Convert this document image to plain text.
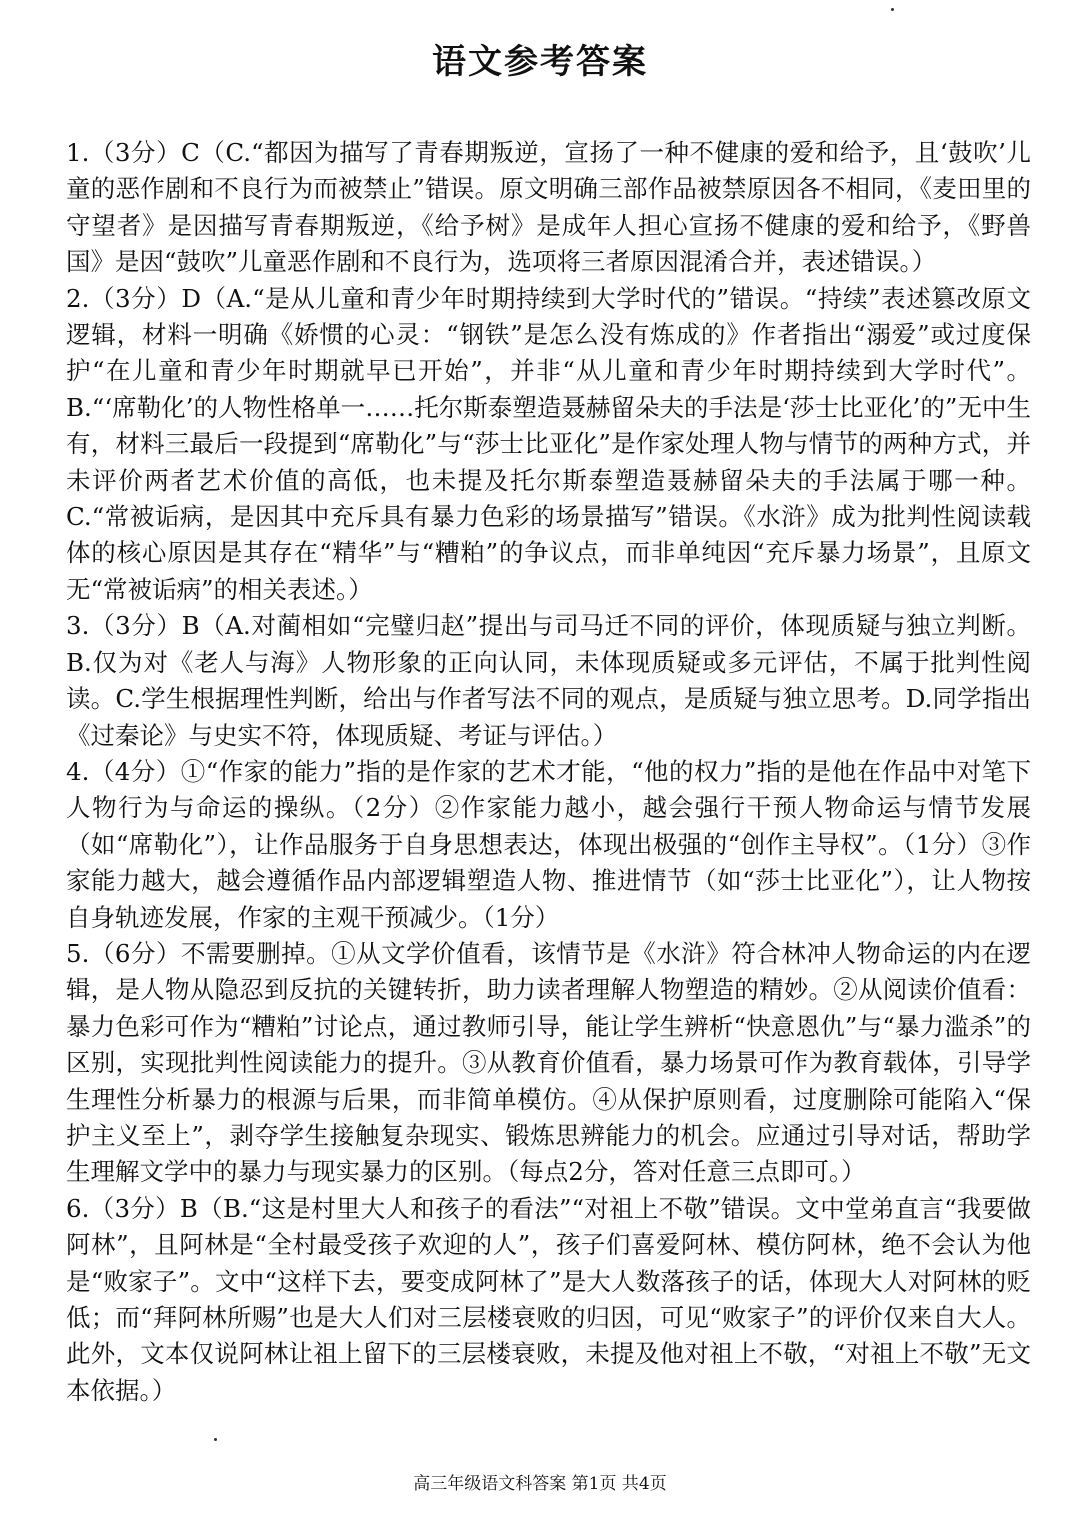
语文参考答案

1.（3分）C（C.“都因为描写了青春期叛逆，宣扬了一种不健康的爱和给予，且‘鼓吹’儿童的恶作剧和不良行为而被禁止”错误。原文明确三部作品被禁原因各不相同，《麦田里的守望者》是因描写青春期叛逆，《给予树》是成年人担心宣扬不健康的爱和给予，《野兽国》是因“鼓吹”儿童恶作剧和不良行为，选项将三者原因混淆合并，表述错误。）

2.（3分）D（A.“是从儿童和青少年时期持续到大学时代的”错误。“持续”表述篡改原文逻辑，材料一明确《娇惯的心灵：“钢铁”是怎么没有炼成的》作者指出“溺爱”或过度保护“在儿童和青少年时期就早已开始”，并非“从儿童和青少年时期持续到大学时代”。B.“‘席勒化’的人物性格单一……托尔斯泰塑造聂赫留朵夫的手法是‘莎士比亚化’的”无中生有，材料三最后一段提到“席勒化”与“莎士比亚化”是作家处理人物与情节的两种方式，并未评价两者艺术价值的高低，也未提及托尔斯泰塑造聂赫留朵夫的手法属于哪一种。C.“常被诟病，是因其中充斥具有暴力色彩的场景描写”错误。《水浒》成为批判性阅读载体的核心原因是其存在“精华”与“糟粕”的争议点，而非单纯因“充斥暴力场景”，且原文无“常被诟病”的相关表述。）

3.（3分）B（A.对蔺相如“完璧归赵”提出与司马迁不同的评价，体现质疑与独立判断。B.仅为对《老人与海》人物形象的正向认同，未体现质疑或多元评估，不属于批判性阅读。C.学生根据理性判断，给出与作者写法不同的观点，是质疑与独立思考。D.同学指出《过秦论》与史实不符，体现质疑、考证与评估。）

4.（4分）①“作家的能力”指的是作家的艺术才能，“他的权力”指的是他在作品中对笔下人物行为与命运的操纵。（2分）②作家能力越小，越会强行干预人物命运与情节发展（如“席勒化”），让作品服务于自身思想表达，体现出极强的“创作主导权”。（1分）③作家能力越大，越会遵循作品内部逻辑塑造人物、推进情节（如“莎士比亚化”），让人物按自身轨迹发展，作家的主观干预减少。（1分）

5.（6分）不需要删掉。①从文学价值看，该情节是《水浒》符合林冲人物命运的内在逻辑，是人物从隐忍到反抗的关键转折，助力读者理解人物塑造的精妙。②从阅读价值看：暴力色彩可作为“糟粕”讨论点，通过教师引导，能让学生辨析“快意恩仇”与“暴力滥杀”的区别，实现批判性阅读能力的提升。③从教育价值看，暴力场景可作为教育载体，引导学生理性分析暴力的根源与后果，而非简单模仿。④从保护原则看，过度删除可能陷入“保护主义至上”，剥夺学生接触复杂现实、锻炼思辨能力的机会。应通过引导对话，帮助学生理解文学中的暴力与现实暴力的区别。（每点2分，答对任意三点即可。）

6.（3分）B（B.“这是村里大人和孩子的看法”“对祖上不敬”错误。文中堂弟直言“我要做阿林”，且阿林是“全村最受孩子欢迎的人”，孩子们喜爱阿林、模仿阿林，绝不会认为他是“败家子”。文中“这样下去，要变成阿林了”是大人数落孩子的话，体现大人对阿林的贬低；而“拜阿林所赐”也是大人们对三层楼衰败的归因，可见“败家子”的评价仅来自大人。此外，文本仅说阿林让祖上留下的三层楼衰败，未提及他对祖上不敬，“对祖上不敬”无文本依据。）

高三年级语文科答案 第1页 共4页
